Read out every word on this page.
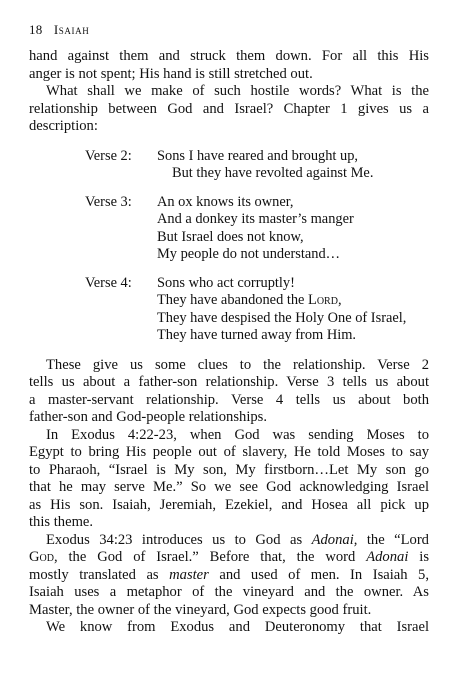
18 Isaiah

hand against them and struck them down. For all this His
anger is not spent; His hand is still stretched out.

What shall we make of such hostile words? What is the
relationship between God and Israel? Chapter 1 gives us a
description:

Verse 2:	Sons I have reared and brought up,
But they have revolted against Me.
Verse 3:	An ox knows its owner,
And a donkey its master’s manger
But Israel does not know,
My people do not understand…
Verse 4:	Sons who act corruptly!
They have abandoned the Lord,
They have despised the Holy One of Israel,
They have turned away from Him.

These give us some clues to the relationship. Verse 2
tells us about a father-son relationship. Verse 3 tells us about
a master-servant relationship. Verse 4 tells us about both
father-son and God-people relationships.

In Exodus 4:22-23, when God was sending Moses to
Egypt to bring His people out of slavery, He told Moses to say
to Pharaoh, “Israel is My son, My firstborn…Let My son go
that he may serve Me.” So we see God acknowledging Israel
as His son. Isaiah, Jeremiah, Ezekiel, and Hosea all pick up
this theme.

Exodus 34:23 introduces us to God as Adonai, the “Lord
God, the God of Israel.” Before that, the word Adonai is
mostly translated as master and used of men. In Isaiah 5,
Isaiah uses a metaphor of the vineyard and the owner. As
Master, the owner of the vineyard, God expects good fruit.

We know from Exodus and Deuteronomy that Israel
